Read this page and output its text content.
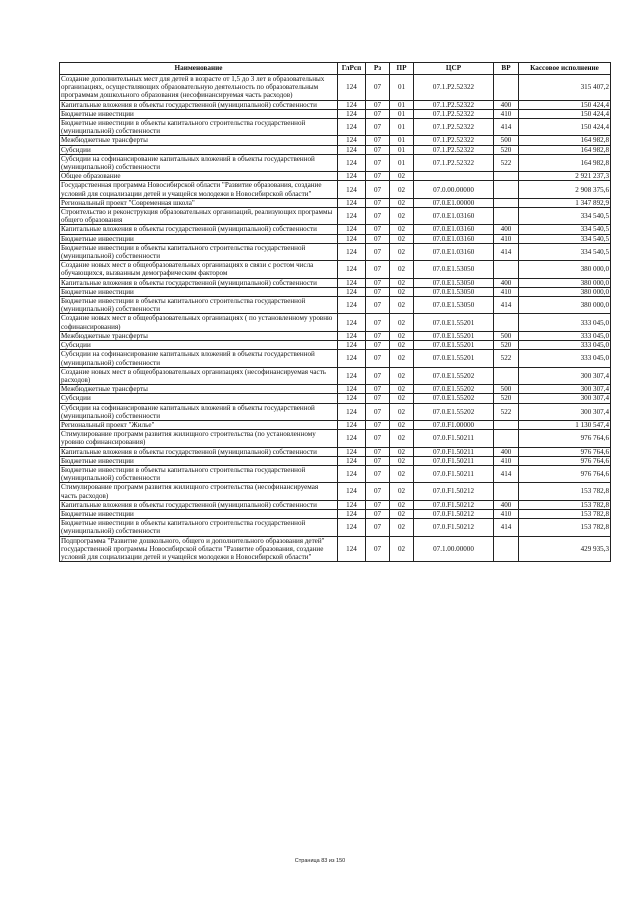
Наименование	ГлРсп	Рз	ПР	ЦСР	ВР	Кассовое исполнение
Создание дополнительных мест для детей в возрасте от 1,5 до 3 лет в образовательных организациях, осуществляющих образовательную деятельность по образовательным программам дошкольного образования (несофинансируемая часть расходов)	124	07	01	07.1.P2.52322		315 407,2
Капитальные вложения в объекты государственной (муниципальной) собственности	124	07	01	07.1.P2.52322	400	150 424,4
Бюджетные инвестиции	124	07	01	07.1.P2.52322	410	150 424,4
Бюджетные инвестиции в объекты капитального строительства государственной (муниципальной) собственности	124	07	01	07.1.P2.52322	414	150 424,4
Межбюджетные трансферты	124	07	01	07.1.P2.52322	500	164 982,8
Субсидии	124	07	01	07.1.P2.52322	520	164 982,8
Субсидии на софинансирование капитальных вложений в объекты государственной (муниципальной) собственности	124	07	01	07.1.P2.52322	522	164 982,8
Общее образование	124	07	02			2 921 237,3
Государственная программа Новосибирской области "Развитие образования, создание условий для социализации детей и учащейся молодежи в Новосибирской области"	124	07	02	07.0.00.00000		2 908 375,6
Региональный проект "Современная школа"	124	07	02	07.0.E1.00000		1 347 892,9
Строительство и реконструкция образовательных организаций, реализующих программы общего образования	124	07	02	07.0.E1.03160		334 540,5
Капитальные вложения в объекты государственной (муниципальной) собственности	124	07	02	07.0.E1.03160	400	334 540,5
Бюджетные инвестиции	124	07	02	07.0.E1.03160	410	334 540,5
Бюджетные инвестиции в объекты капитального строительства государственной (муниципальной) собственности	124	07	02	07.0.E1.03160	414	334 540,5
Создание новых мест в общеобразовательных организациях в связи с ростом числа обучающихся, вызванным демографическим фактором	124	07	02	07.0.E1.53050		380 000,0
Капитальные вложения в объекты государственной (муниципальной) собственности	124	07	02	07.0.E1.53050	400	380 000,0
Бюджетные инвестиции	124	07	02	07.0.E1.53050	410	380 000,0
Бюджетные инвестиции в объекты капитального строительства государственной (муниципальной) собственности	124	07	02	07.0.E1.53050	414	380 000,0
Создание новых мест в общеобразовательных организациях ( по установленному уровню софинансирования)	124	07	02	07.0.E1.55201		333 045,0
Межбюджетные трансферты	124	07	02	07.0.E1.55201	500	333 045,0
Субсидии	124	07	02	07.0.E1.55201	520	333 045,0
Субсидии на софинансирование капитальных вложений в объекты государственной (муниципальной) собственности	124	07	02	07.0.E1.55201	522	333 045,0
Создание новых мест в общеобразовательных организациях (несофинансируемая часть расходов)	124	07	02	07.0.E1.55202		300 307,4
Межбюджетные трансферты	124	07	02	07.0.E1.55202	500	300 307,4
Субсидии	124	07	02	07.0.E1.55202	520	300 307,4
Субсидии на софинансирование капитальных вложений в объекты государственной (муниципальной) собственности	124	07	02	07.0.E1.55202	522	300 307,4
Региональный проект "Жилье"	124	07	02	07.0.F1.00000		1 130 547,4
Стимулирование программ развития жилищного строительства (по установленному уровню софинансирования)	124	07	02	07.0.F1.50211		976 764,6
Капитальные вложения в объекты государственной (муниципальной) собственности	124	07	02	07.0.F1.50211	400	976 764,6
Бюджетные инвестиции	124	07	02	07.0.F1.50211	410	976 764,6
Бюджетные инвестиции в объекты капитального строительства государственной (муниципальной) собственности	124	07	02	07.0.F1.50211	414	976 764,6
Стимулирование программ развития жилищного строительства (несофинансируемая часть расходов)	124	07	02	07.0.F1.50212		153 782,8
Капитальные вложения в объекты государственной (муниципальной) собственности	124	07	02	07.0.F1.50212	400	153 782,8
Бюджетные инвестиции	124	07	02	07.0.F1.50212	410	153 782,8
Бюджетные инвестиции в объекты капитального строительства государственной (муниципальной) собственности	124	07	02	07.0.F1.50212	414	153 782,8
Подпрограмма "Развитие дошкольного, общего и дополнительного образования детей" государственной программы Новосибирской области "Развитие образования, создание условий для социализации детей и учащейся молодежи в Новосибирской области"	124	07	02	07.1.00.00000		429 935,3
Страница 83 из 150
